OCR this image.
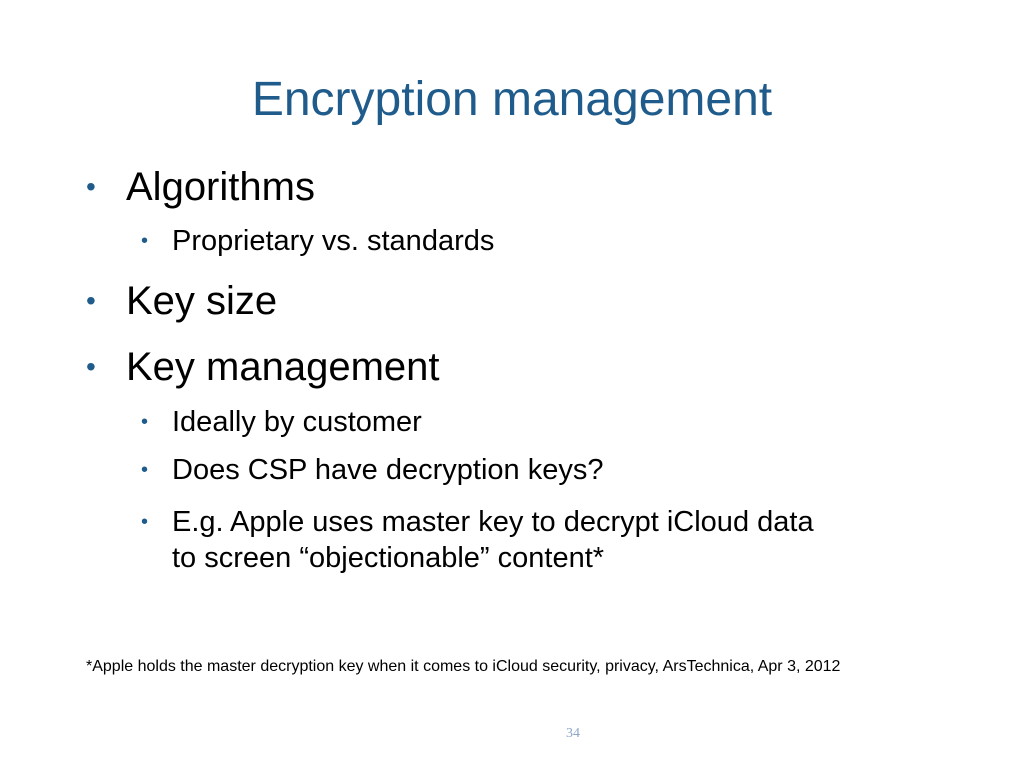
Encryption management
• Algorithms
• Proprietary vs. standards
• Key size
• Key management
• Ideally by customer
• Does CSP have decryption keys?
• E.g. Apple uses master key to decrypt iCloud data
to screen “objectionable” content*
*Apple holds the master decryption key when it comes to iCloud security, privacy, ArsTechnica, Apr 3, 2012
34
